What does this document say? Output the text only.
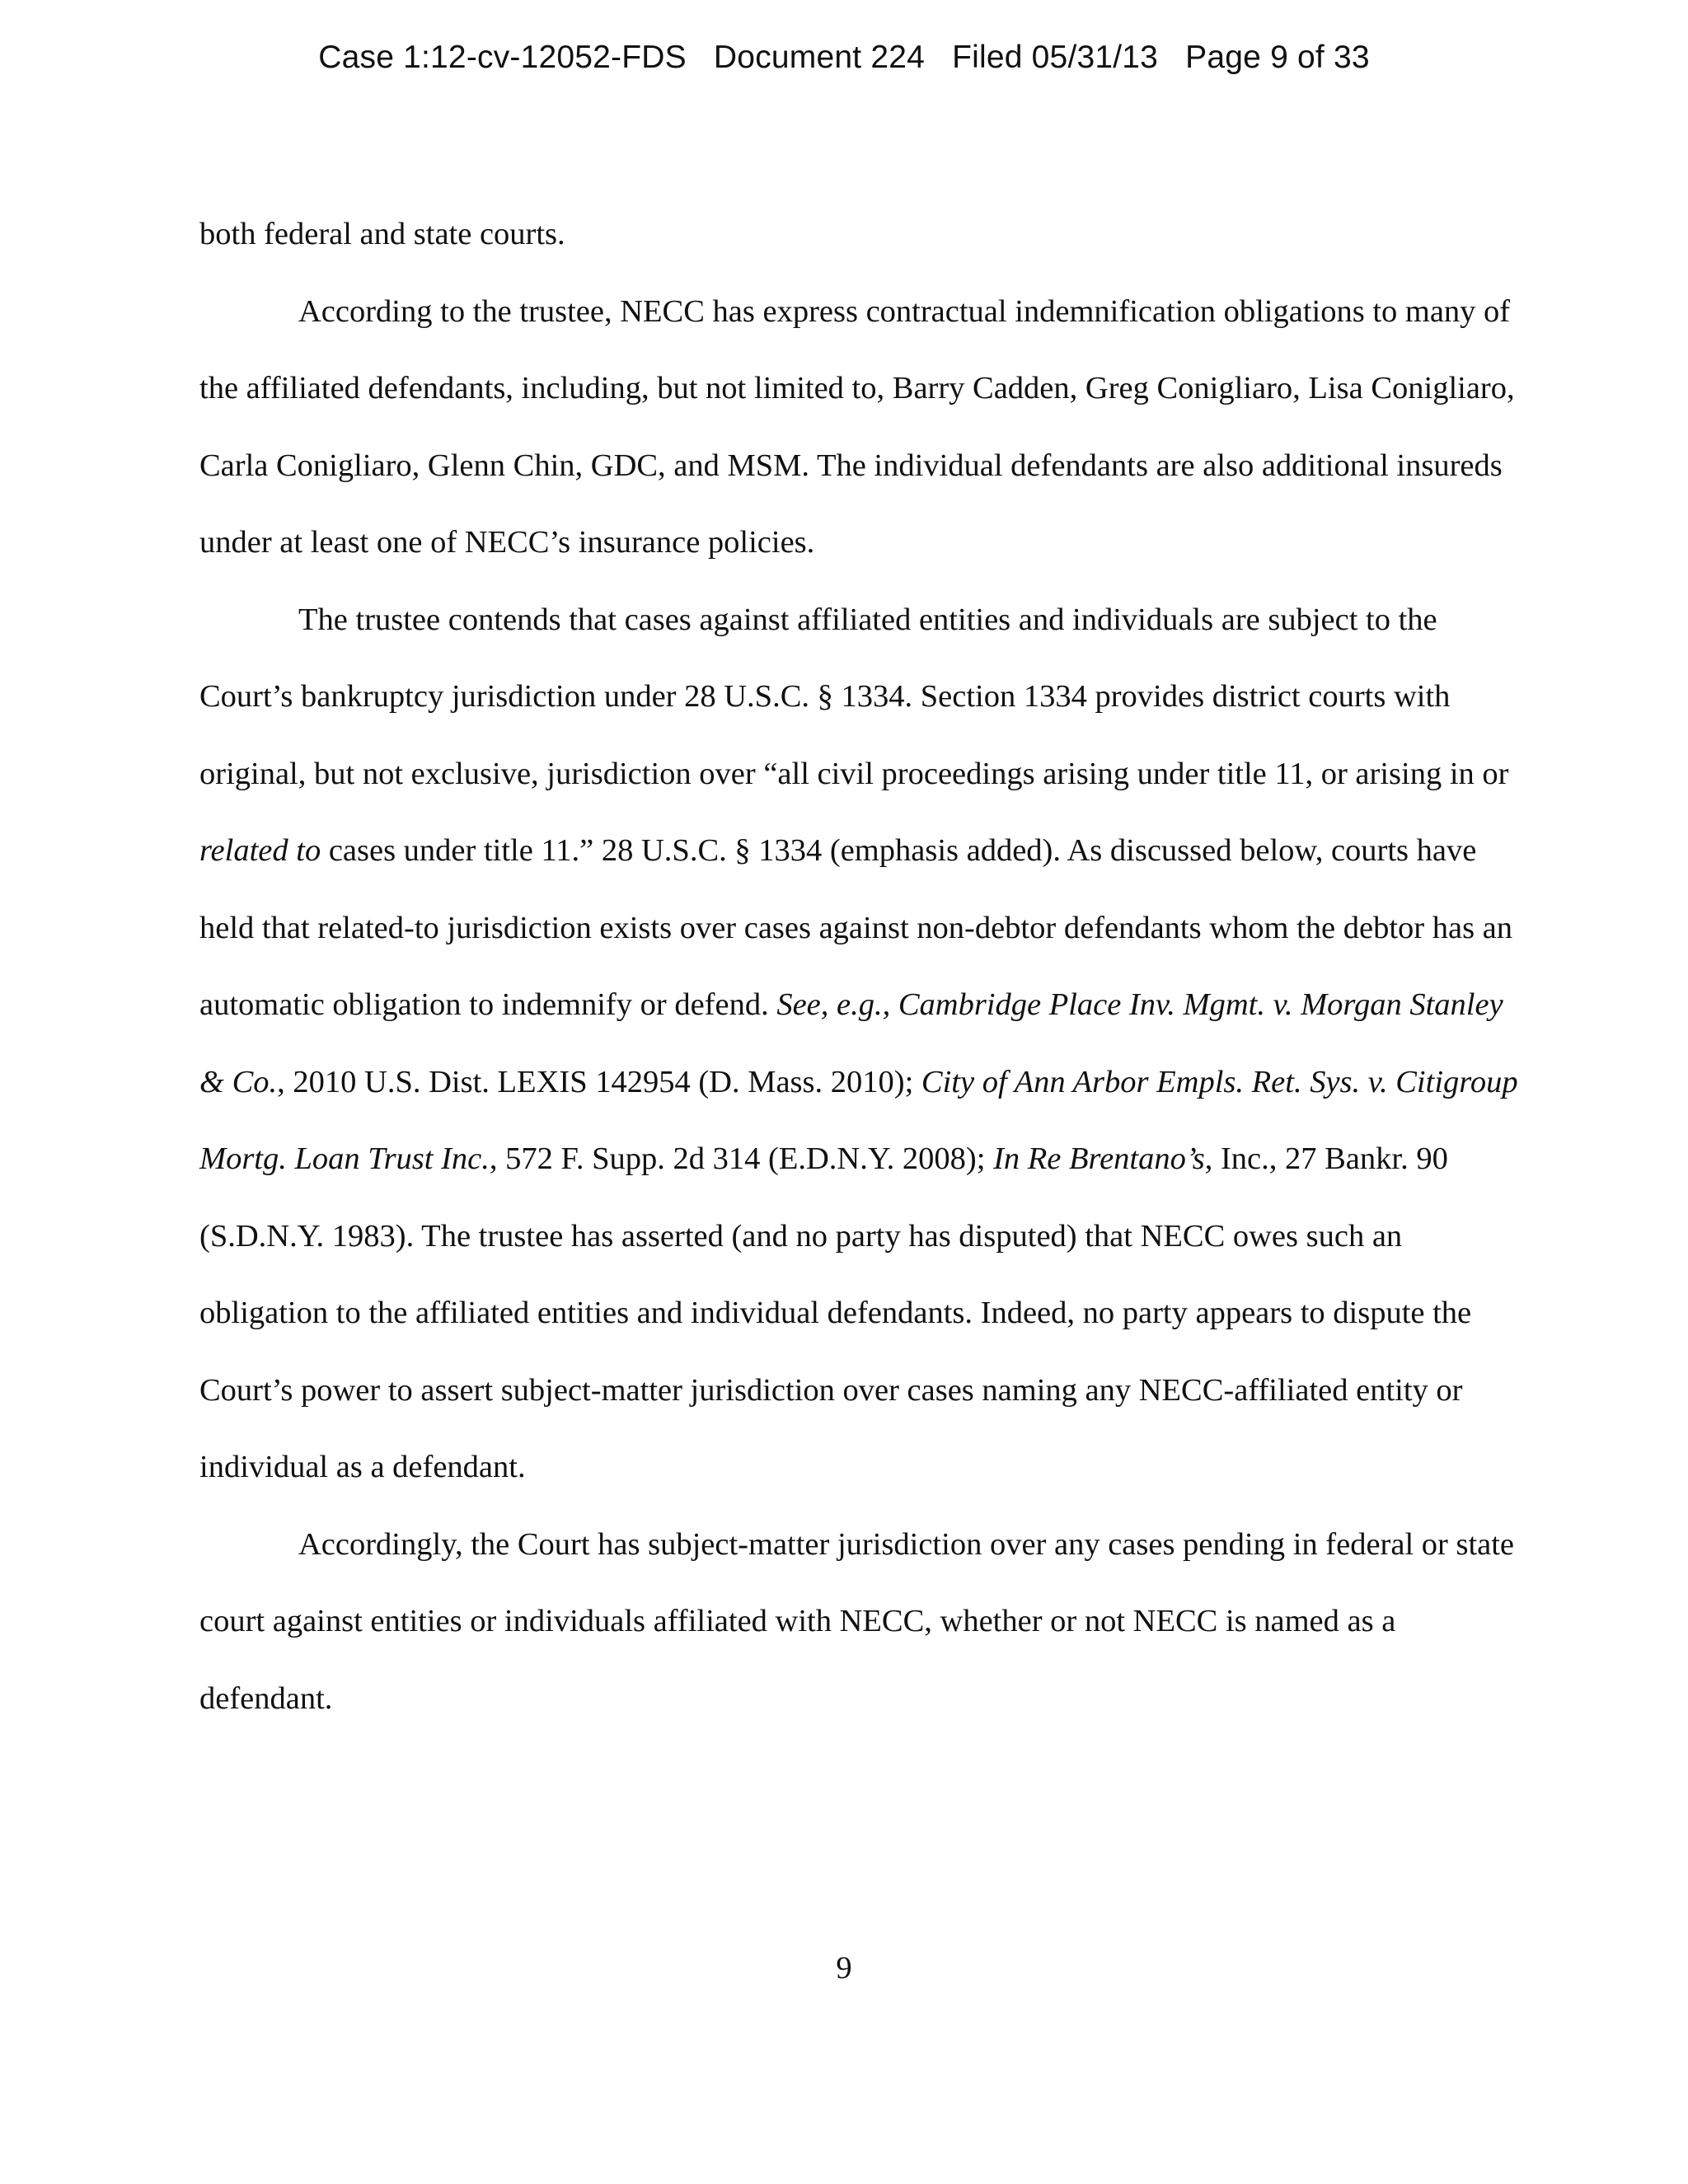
Case 1:12-cv-12052-FDS   Document 224   Filed 05/31/13   Page 9 of 33

both federal and state courts.

According to the trustee, NECC has express contractual indemnification obligations to many of the affiliated defendants, including, but not limited to, Barry Cadden, Greg Conigliaro, Lisa Conigliaro, Carla Conigliaro, Glenn Chin, GDC, and MSM. The individual defendants are also additional insureds under at least one of NECC’s insurance policies.

The trustee contends that cases against affiliated entities and individuals are subject to the Court’s bankruptcy jurisdiction under 28 U.S.C. § 1334. Section 1334 provides district courts with original, but not exclusive, jurisdiction over “all civil proceedings arising under title 11, or arising in or related to cases under title 11.” 28 U.S.C. § 1334 (emphasis added). As discussed below, courts have held that related-to jurisdiction exists over cases against non-debtor defendants whom the debtor has an automatic obligation to indemnify or defend. See, e.g., Cambridge Place Inv. Mgmt. v. Morgan Stanley & Co., 2010 U.S. Dist. LEXIS 142954 (D. Mass. 2010); City of Ann Arbor Empls. Ret. Sys. v. Citigroup Mortg. Loan Trust Inc., 572 F. Supp. 2d 314 (E.D.N.Y. 2008); In Re Brentano’s, Inc., 27 Bankr. 90 (S.D.N.Y. 1983). The trustee has asserted (and no party has disputed) that NECC owes such an obligation to the affiliated entities and individual defendants. Indeed, no party appears to dispute the Court’s power to assert subject-matter jurisdiction over cases naming any NECC-affiliated entity or individual as a defendant.

Accordingly, the Court has subject-matter jurisdiction over any cases pending in federal or state court against entities or individuals affiliated with NECC, whether or not NECC is named as a defendant.

9
